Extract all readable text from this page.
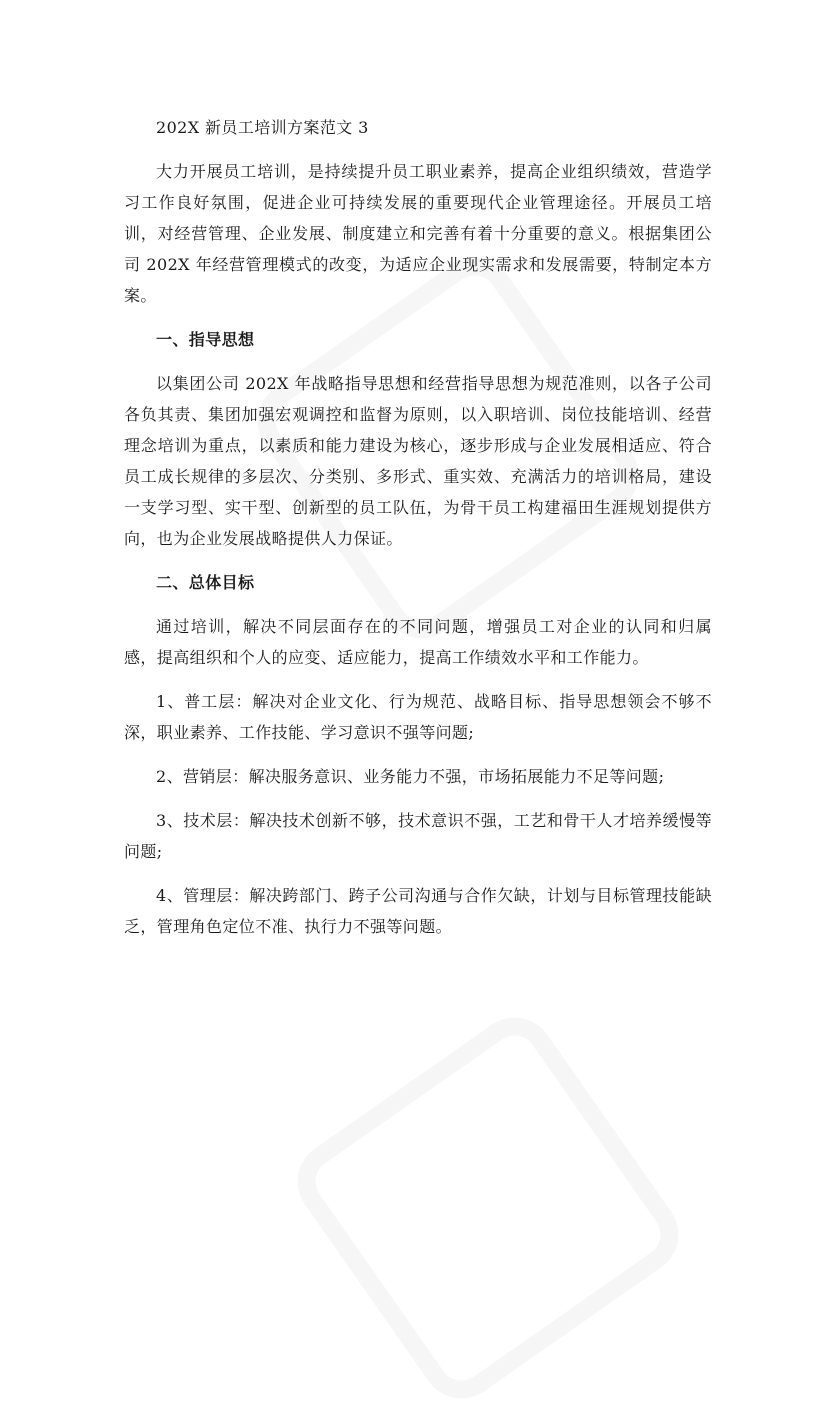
202X 新员工培训方案范文 3

大力开展员工培训，是持续提升员工职业素养，提高企业组织绩效，营造学习工作良好氛围，促进企业可持续发展的重要现代企业管理途径。开展员工培训，对经营管理、企业发展、制度建立和完善有着十分重要的意义。根据集团公司 202X 年经营管理模式的改变，为适应企业现实需求和发展需要，特制定本方案。

一、指导思想

以集团公司 202X 年战略指导思想和经营指导思想为规范准则，以各子公司各负其责、集团加强宏观调控和监督为原则，以入职培训、岗位技能培训、经营理念培训为重点，以素质和能力建设为核心，逐步形成与企业发展相适应、符合员工成长规律的多层次、分类别、多形式、重实效、充满活力的培训格局，建设一支学习型、实干型、创新型的员工队伍，为骨干员工构建福田生涯规划提供方向，也为企业发展战略提供人力保证。

二、总体目标

通过培训，解决不同层面存在的不同问题，增强员工对企业的认同和归属感，提高组织和个人的应变、适应能力，提高工作绩效水平和工作能力。

1、普工层：解决对企业文化、行为规范、战略目标、指导思想领会不够不深，职业素养、工作技能、学习意识不强等问题;

2、营销层：解决服务意识、业务能力不强，市场拓展能力不足等问题;

3、技术层：解决技术创新不够，技术意识不强，工艺和骨干人才培养缓慢等问题;

4、管理层：解决跨部门、跨子公司沟通与合作欠缺，计划与目标管理技能缺乏，管理角色定位不准、执行力不强等问题。
